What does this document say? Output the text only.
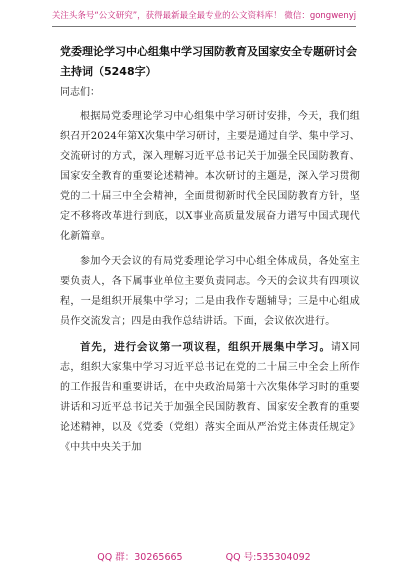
关注头条号“公文研究”，获得最新最全最专业的公文资料库！ 微信：gongwenyj
党委理论学习中心组集中学习国防教育及国家安全专题研讨会主持词（5248字）

同志们：

根据局党委理论学习中心组集中学习研讨安排，今天，我们组织召开2024年第X次集中学习研讨，主要是通过自学、集中学习、交流研讨的方式，深入理解习近平总书记关于加强全民国防教育、国家安全教育的重要论述精神。本次研讨的主题是，深入学习贯彻党的二十届三中全会精神，全面贯彻新时代全民国防教育方针，坚定不移将改革进行到底，以X事业高质量发展奋力谱写中国式现代化新篇章。

参加今天会议的有局党委理论学习中心组全体成员，各处室主要负责人，各下属事业单位主要负责同志。今天的会议共有四项议程，一是组织开展集中学习；二是由我作专题辅导；三是中心组成员作交流发言；四是由我作总结讲话。下面，会议依次进行。

首先，进行会议第一项议程，组织开展集中学习。请X同志，组织大家集中学习习近平总书记在党的二十届三中全会上所作的工作报告和重要讲话，在中央政治局第十六次集体学习时的重要讲话和习近平总书记关于加强全民国防教育、国家安全教育的重要论述精神，以及《党委（党组）落实全面从严治党主体责任规定》《中共中央关于加

QQ 群：30265665	QQ 号:535304092
